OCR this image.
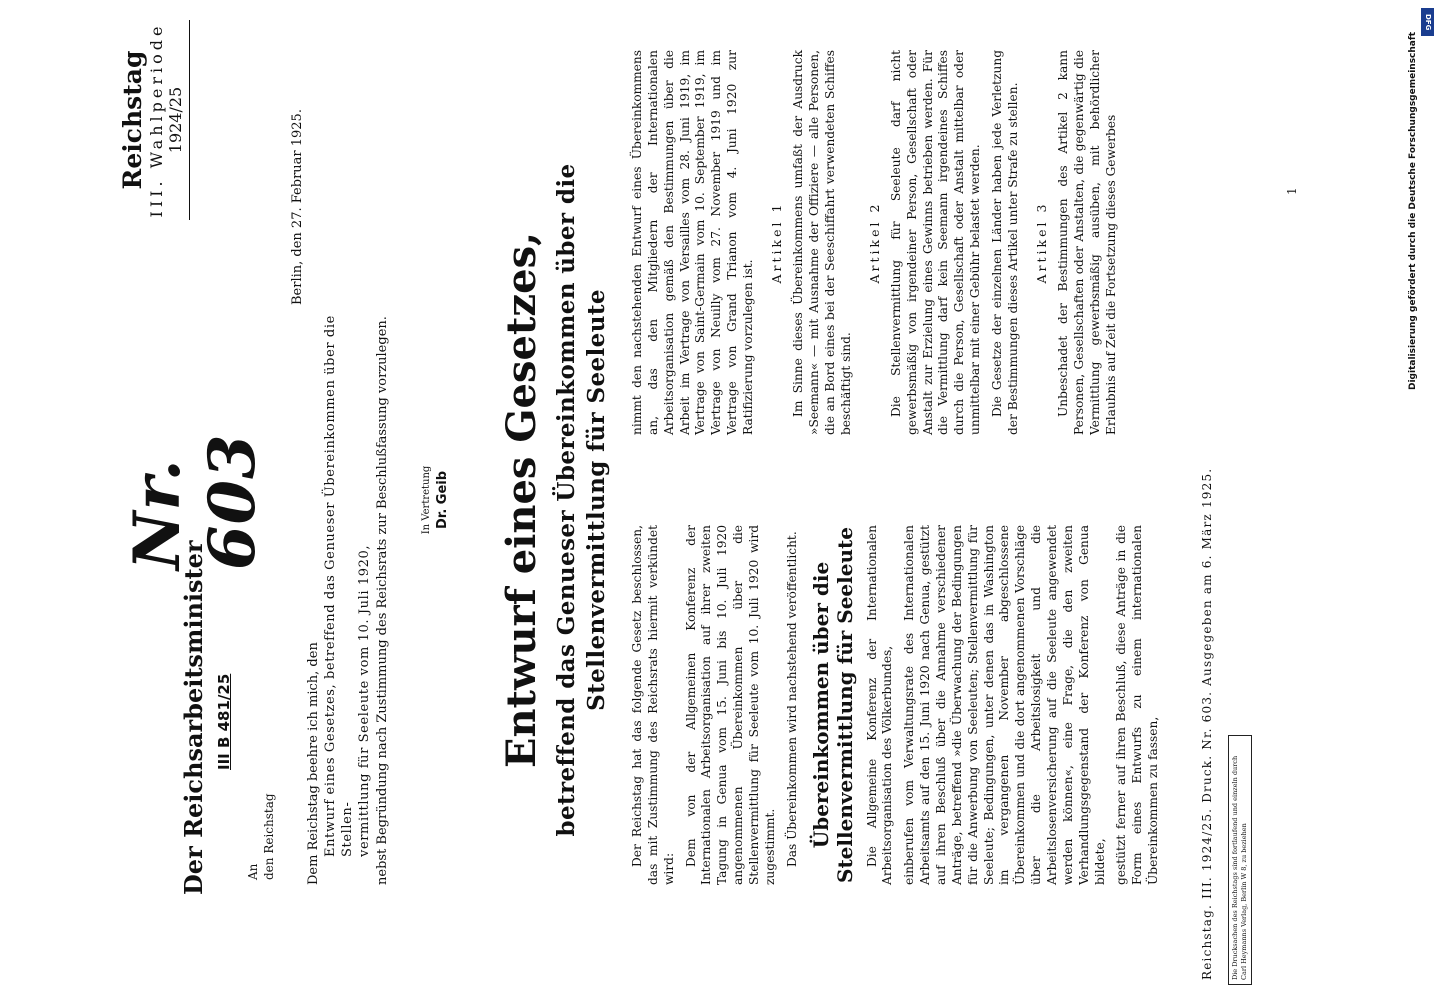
Der Reichsarbeitsminister III B 481/25
Nr. 603
Reichstag III. Wahlperiode 1924/25
An den Reichstag
Berlin, den 27. Februar 1925.

Dem Reichstag beehre ich mich, den Entwurf eines Gesetzes, betreffend das Genueser Übereinkommen über die Stellen- vermittlung für Seeleute vom 10. Juli 1920, nebst Begründung nach Zustimmung des Reichsrats zur Beschlußfassung vorzulegen.	In Vertretung Dr. Geib Entwurf eines Gesetzes, betreffend das Genueser Übereinkommen über die Stellenvermittlung für Seeleute Der Reichstag hat das folgende Gesetz beschlossen, das mit Zustimmung des Reichsrats hiermit verkündet wird:

Dem von der Allgemeinen Konferenz der Internationalen Arbeitsorganisation auf ihrer zweiten Tagung in Genua vom 15. Juni bis 10. Juli 1920 angenommenen Übereinkommen über die Stellenvermittlung für Seeleute vom 10. Juli 1920 wird zugestimmt. Das Übereinkommen wird nachstehend veröffentlicht. Übereinkommen über die Stellenvermittlung für Seeleute Die Allgemeine Konferenz der Internationalen Arbeitsorganisation des Völkerbundes, einberufen vom Verwaltungsrate des Internationalen Arbeitsamts auf den 15. Juni 1920 nach Genua, gestützt auf ihren Beschluß über die Annahme verschiedener Anträge, betreffend »die Überwachung der Bedingungen für die Anwerbung von Seeleuten; Stellenvermittlung für Seeleute; Bedingungen, unter denen das in Washington im vergangenen November abgeschlossene Übereinkommen und die dort angenommenen Vorschläge über die Arbeitslosigkeit und die Arbeitslosenversicherung auf die Seeleute angewendet werden können«, eine Frage, die den zweiten Verhandlungsgegenstand der Konferenz von Genua bildete, gestützt ferner auf ihren Beschluß, diese Anträge in die Form eines Entwurfs zu einem internationalen Übereinkommen zu fassen,

nimmt den nachstehenden Entwurf eines Übereinkommens an, das den Mitgliedern der Internationalen Arbeitsorganisation gemäß den Bestimmungen über die Arbeit im Vertrage von Versailles vom 28. Juni 1919, im Vertrage von Saint-Germain vom 10. September 1919, im Vertrage von Neuilly vom 27. November 1919 und im Vertrage von Grand Trianon vom 4. Juni 1920 zur Ratifizierung vorzulegen ist.

Artikel 1 Im Sinne dieses Übereinkommens umfaßt der Ausdruck »Seemann« — mit Ausnahme der Offiziere — alle Personen, die an Bord eines bei der Seeschiffahrt verwendeten Schiffes beschäftigt sind.

Artikel 2 Die Stellenvermittlung für Seeleute darf nicht gewerbsmäßig von irgendeiner Person, Gesellschaft oder Anstalt zur Erzielung eines Gewinns betrieben werden. Für die Vermittlung darf kein Seemann irgendeines Schiffes durch die Person, Gesellschaft oder Anstalt mittelbar oder unmittelbar mit einer Gebühr belastet werden. Die Gesetze der einzelnen Länder haben jede Verletzung der Bestimmungen dieses Artikel unter Strafe zu stellen. Artikel 3 Unbeschadet der Bestimmungen des Artikel 2 kann Personen, Gesellschaften oder Anstalten, die gegenwärtig die Vermittlung gewerbsmäßig ausüben, mit behördlicher Erlaubnis auf Zeit die Fortsetzung dieses Gewerbes

Reichstag. III. 1924/25. Druck. Nr. 603. Ausgegeben am 6. März 1925.	Die Drucksachen des Reichstags sind fortlaufend und einzeln durch Carl Heymanns Verlag, Berlin W 8, zu beziehen
1
DFG
Digitalisierung gefördert durch die Deutsche Forschungsgemeinschaft
